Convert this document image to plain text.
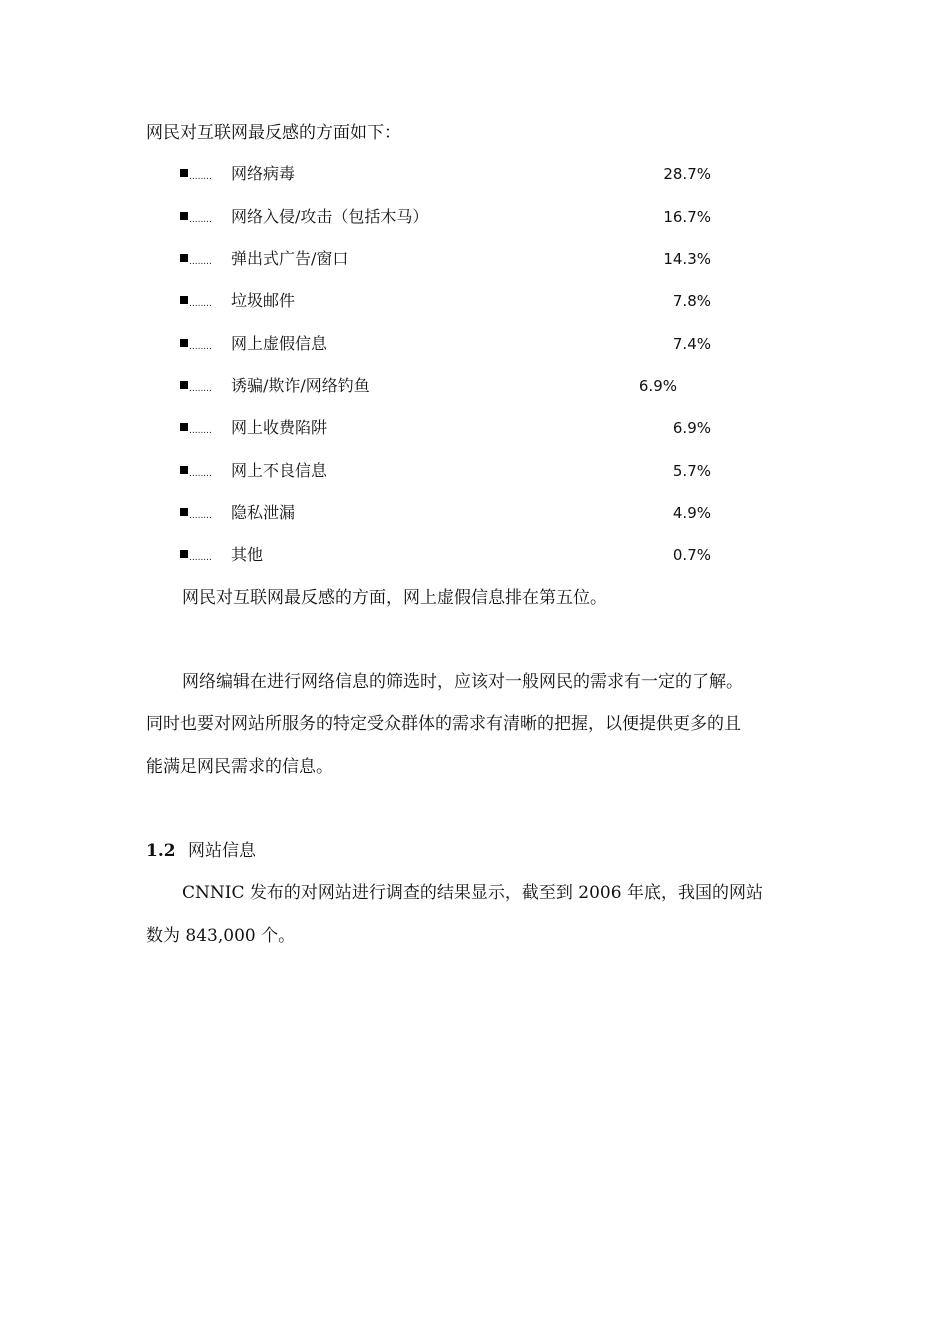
网民对互联网最反感的方面如下：
........	网络病毒	28.7%
........	网络入侵/攻击（包括木马）	16.7%
........	弹出式广告/窗口	14.3%
........	垃圾邮件	7.8%
........	网上虚假信息	7.4%
........	诱骗/欺诈/网络钓鱼	6.9%
........	网上收费陷阱	6.9%
........	网上不良信息	5.7%
........	隐私泄漏	4.9%
........	其他	0.7%
网民对互联网最反感的方面，网上虚假信息排在第五位。
网络编辑在进行网络信息的筛选时，应该对一般网民的需求有一定的了解。
同时也要对网站所服务的特定受众群体的需求有清晰的把握，以便提供更多的且
能满足网民需求的信息。
1.2 网站信息
CNNIC 发布的对网站进行调查的结果显示，截至到 2006 年底，我国的网站
数为 843,000 个。
